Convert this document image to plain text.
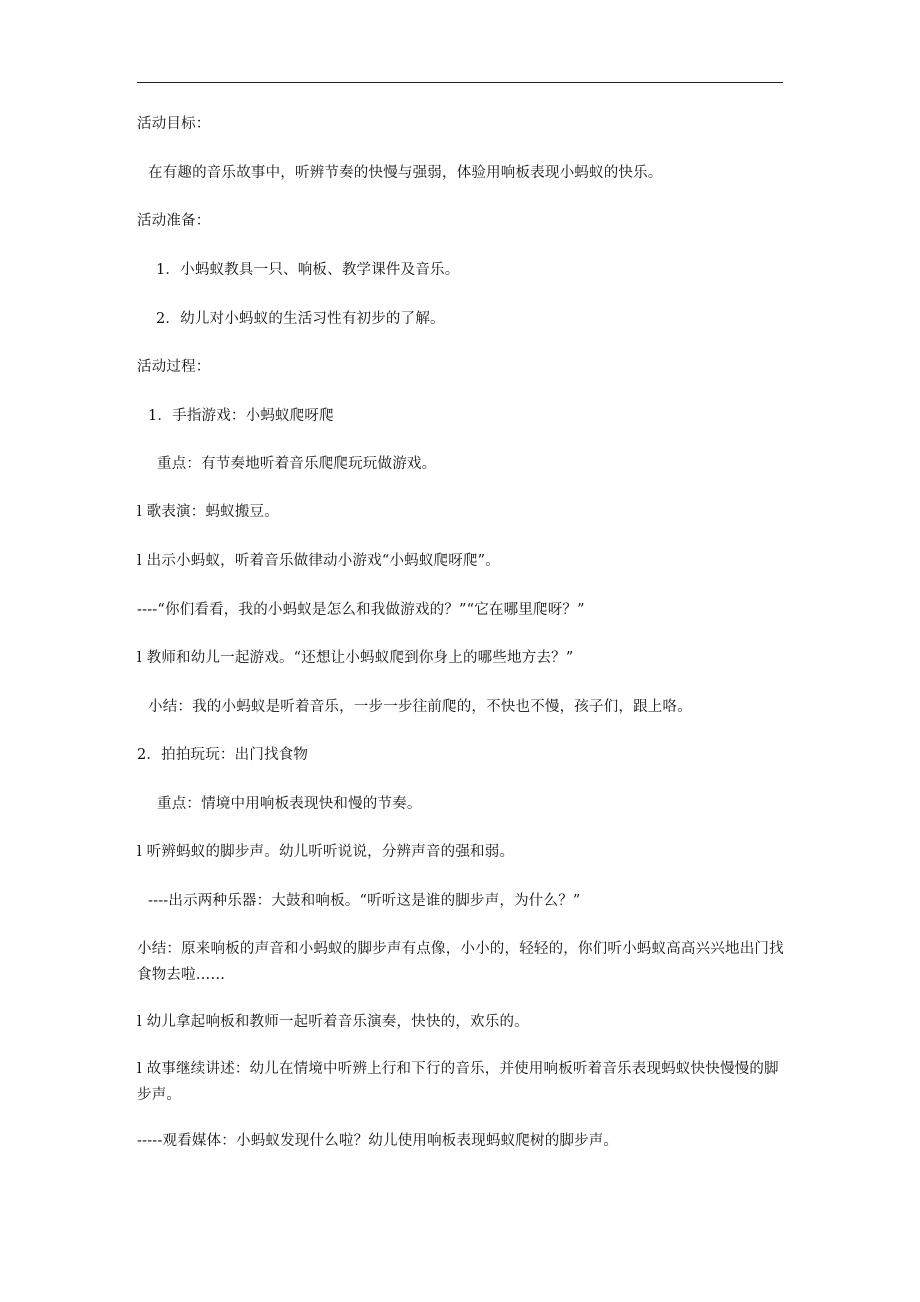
活动目标：
在有趣的音乐故事中，听辨节奏的快慢与强弱，体验用响板表现小蚂蚁的快乐。
活动准备：
1．小蚂蚁教具一只、响板、教学课件及音乐。
2．幼儿对小蚂蚁的生活习性有初步的了解。
活动过程：
1．手指游戏：小蚂蚁爬呀爬
重点：有节奏地听着音乐爬爬玩玩做游戏。
l 歌表演：蚂蚁搬豆。
l 出示小蚂蚁，听着音乐做律动小游戏“小蚂蚁爬呀爬”。
----“你们看看，我的小蚂蚁是怎么和我做游戏的？”“它在哪里爬呀？”
l 教师和幼儿一起游戏。“还想让小蚂蚁爬到你身上的哪些地方去？”
小结：我的小蚂蚁是听着音乐，一步一步往前爬的，不快也不慢，孩子们，跟上咯。
2．拍拍玩玩：出门找食物
重点：情境中用响板表现快和慢的节奏。
l 听辨蚂蚁的脚步声。幼儿听听说说，分辨声音的强和弱。
----出示两种乐器：大鼓和响板。“听听这是谁的脚步声，为什么？”
小结：原来响板的声音和小蚂蚁的脚步声有点像，小小的，轻轻的，你们听小蚂蚁高高兴兴地出门找食物去啦……
l 幼儿拿起响板和教师一起听着音乐演奏，快快的，欢乐的。
l 故事继续讲述：幼儿在情境中听辨上行和下行的音乐，并使用响板听着音乐表现蚂蚁快快慢慢的脚步声。
-----观看媒体：小蚂蚁发现什么啦？幼儿使用响板表现蚂蚁爬树的脚步声。
